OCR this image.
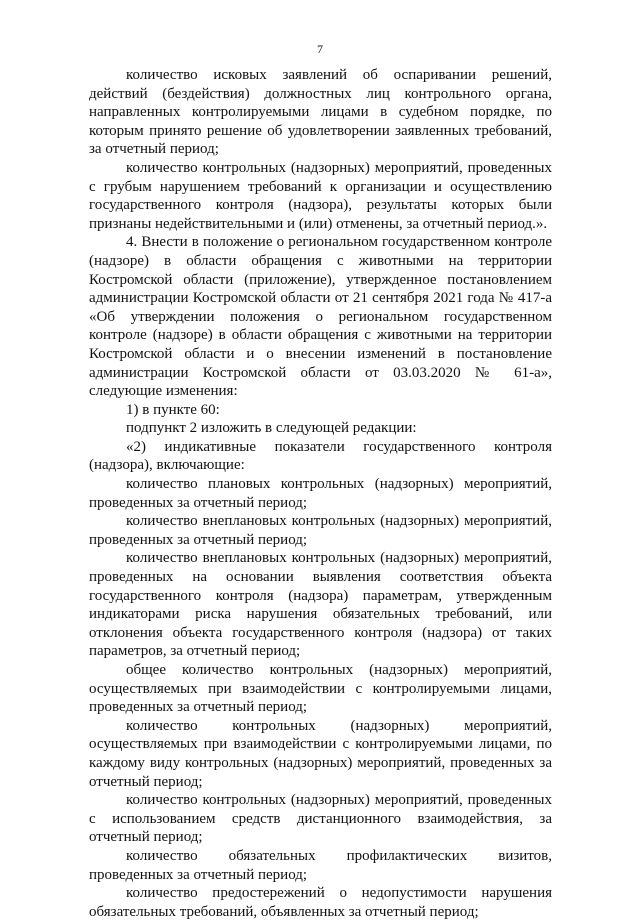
7

количество исковых заявлений об оспаривании решений, действий (бездействия) должностных лиц контрольного органа, направленных контролируемыми лицами в судебном порядке, по которым принято решение об удовлетворении заявленных требований, за отчетный период;

количество контрольных (надзорных) мероприятий, проведенных с грубым нарушением требований к организации и осуществлению государственного контроля (надзора), результаты которых были признаны недействительными и (или) отменены, за отчетный период.».

4. Внести в положение о региональном государственном контроле (надзоре) в области обращения с животными на территории Костромской области (приложение), утвержденное постановлением администрации Костромской области от 21 сентября 2021 года № 417-а «Об утверждении положения о региональном государственном контроле (надзоре) в области обращения с животными на территории Костромской области и о внесении изменений в постановление администрации Костромской области от 03.03.2020 № 61-а», следующие изменения:

1) в пункте 60:

подпункт 2 изложить в следующей редакции:

«2) индикативные показатели государственного контроля (надзора), включающие:

количество плановых контрольных (надзорных) мероприятий, проведенных за отчетный период;

количество внеплановых контрольных (надзорных) мероприятий, проведенных за отчетный период;

количество внеплановых контрольных (надзорных) мероприятий, проведенных на основании выявления соответствия объекта государственного контроля (надзора) параметрам, утвержденным индикаторами риска нарушения обязательных требований, или отклонения объекта государственного контроля (надзора) от таких параметров, за отчетный период;

общее количество контрольных (надзорных) мероприятий, осуществляемых при взаимодействии с контролируемыми лицами, проведенных за отчетный период;

количество контрольных (надзорных) мероприятий, осуществляемых при взаимодействии с контролируемыми лицами, по каждому виду контрольных (надзорных) мероприятий, проведенных за отчетный период;

количество контрольных (надзорных) мероприятий, проведенных с использованием средств дистанционного взаимодействия, за отчетный период;

количество обязательных профилактических визитов, проведенных за отчетный период;

количество предостережений о недопустимости нарушения обязательных требований, объявленных за отчетный период;
